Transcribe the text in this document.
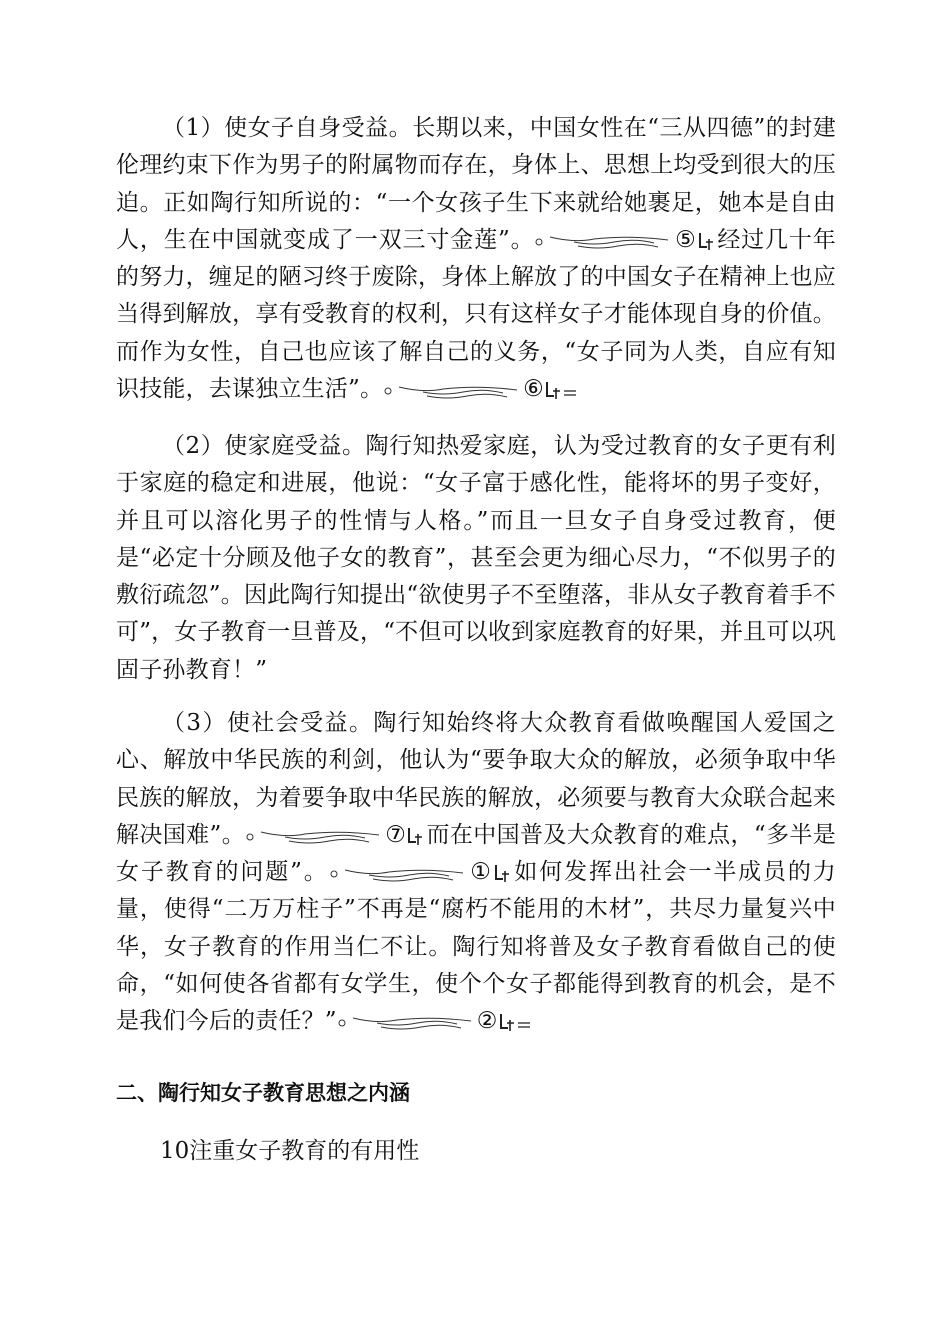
（1）使女子自身受益。长期以来，中国女性在“三从四德”的封建伦理约束下作为男子的附属物而存在，身体上、思想上均受到很大的压迫。正如陶行知所说的：“一个女孩子生下来就给她裹足，她本是自由人，生在中国就变成了一双三寸金莲”。	⑤ 经过几十年的努力，缠足的陋习终于废除，身体上解放了的中国女子在精神上也应当得到解放，享有受教育的权利，只有这样女子才能体现自身的价值。而作为女性，自己也应该了解自己的义务，“女子同为人类，自应有知识技能，去谋独立生活”。	⑥
（2）使家庭受益。陶行知热爱家庭，认为受过教育的女子更有利于家庭的稳定和进展，他说：“女子富于感化性，能将坏的男子变好，并且可以溶化男子的性情与人格。”而且一旦女子自身受过教育，便是“必定十分顾及他子女的教育”，甚至会更为细心尽力，“不似男子的敷衍疏忽”。因此陶行知提出“欲使男子不至堕落，非从女子教育着手不可”，女子教育一旦普及，“不但可以收到家庭教育的好果，并且可以巩固子孙教育！”
（3）使社会受益。陶行知始终将大众教育看做唤醒国人爱国之心、解放中华民族的利剑，他认为“要争取大众的解放，必须争取中华民族的解放，为着要争取中华民族的解放，必须要与教育大众联合起来解决国难”。	⑦ 而在中国普及大众教育的难点，“多半是女子教育的问题”。	① 如何发挥出社会一半成员的力量，使得“二万万柱子”不再是“腐朽不能用的木材”，共尽力量复兴中华，女子教育的作用当仁不让。陶行知将普及女子教育看做自己的使命，“如何使各省都有女学生，使个个女子都能得到教育的机会，是不是我们今后的责任？”	②
二、陶行知女子教育思想之内涵
10注重女子教育的有用性
